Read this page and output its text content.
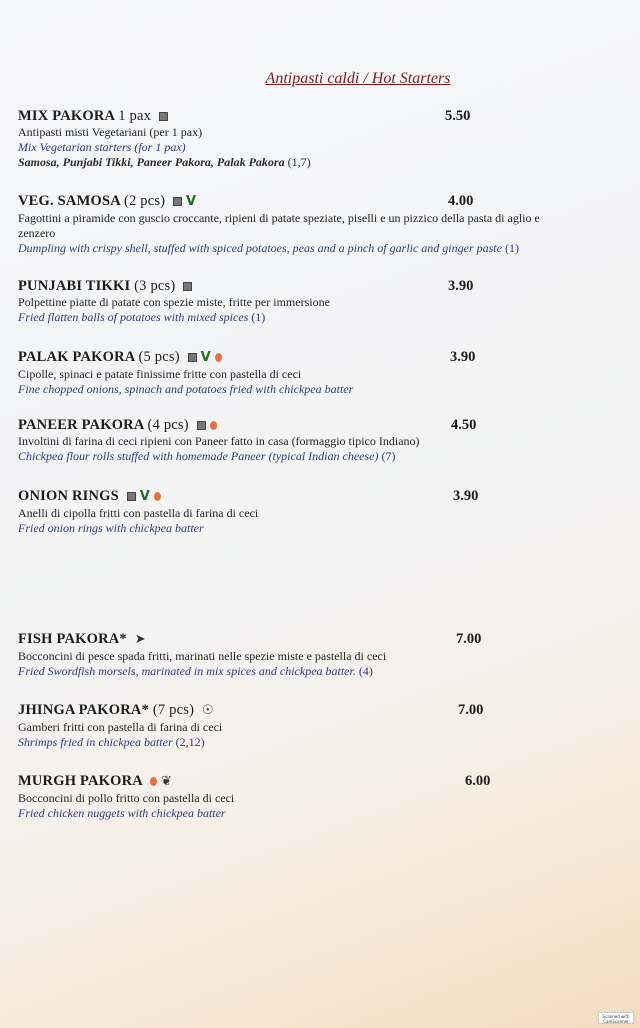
Antipasti caldi / Hot Starters
MIX PAKORA 1 pax	5.50
Antipasti misti Vegetariani (per 1 pax)
Mix Vegetarian starters (for 1 pax)
Samosa, Punjabi Tikki, Paneer Pakora, Palak Pakora (1,7)
VEG. SAMOSA (2 pcs) V	4.00
Fagottini a piramide con guscio croccante, ripieni di patate speziate, piselli e un pizzico della pasta di aglio e
zenzero
Dumpling with crispy shell, stuffed with spiced potatoes, peas and a pinch of garlic and ginger paste (1)
PUNJABI TIKKI (3 pcs)	3.90
Polpettine piatte di patate con spezie miste, fritte per immersione
Fried flatten balls of potatoes with mixed spices (1)
PALAK PAKORA (5 pcs) V	3.90
Cipolle, spinaci e patate finissime fritte con pastella di ceci
Fine chopped onions, spinach and potatoes fried with chickpea batter
PANEER PAKORA (4 pcs)	4.50
Involtini di farina di ceci ripieni con Paneer fatto in casa (formaggio tipico Indiano)
Chickpea flour rolls stuffed with homemade Paneer (typical Indian cheese) (7)
ONION RINGS V	3.90
Anelli di cipolla fritti con pastella di farina di ceci
Fried onion rings with chickpea batter
FISH PAKORA* ➤	7.00
Bocconcini di pesce spada fritti, marinati nelle spezie miste e pastella di ceci
Fried Swordfish morsels, marinated in mix spices and chickpea batter. (4)
JHINGA PAKORA* (7 pcs) ☉	7.00
Gamberi fritti con pastella di farina di ceci
Shrimps fried in chickpea batter (2,12)
MURGH PAKORA ❦	6.00
Bocconcini di pollo fritto con pastella di ceci
Fried chicken nuggets with chickpea batter
Scanned with CamScanner
